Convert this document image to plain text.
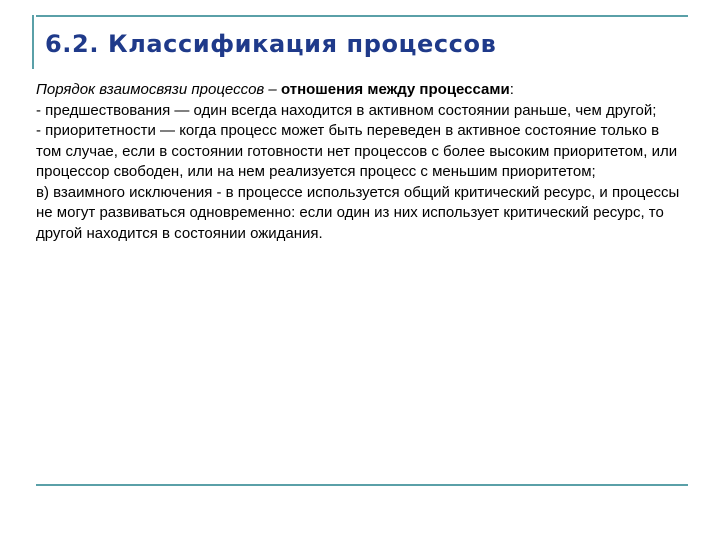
6.2. Классификация процессов

Порядок взаимосвязи процессов – отношения между процессами:

- предшествования — один всегда находится в активном состоянии раньше, чем другой;

- приоритетности — когда процесс может быть переведен в активное состояние только в том случае, если в состоянии готовности нет процессов с более высоким приоритетом, или процессор свободен, или на нем реализуется процесс с меньшим приоритетом;

в) взаимного исключения - в процессе используется общий критический ресурс, и процессы не могут развиваться одновременно: если один из них использует критический ресурс, то другой находится в состоянии ожидания.
